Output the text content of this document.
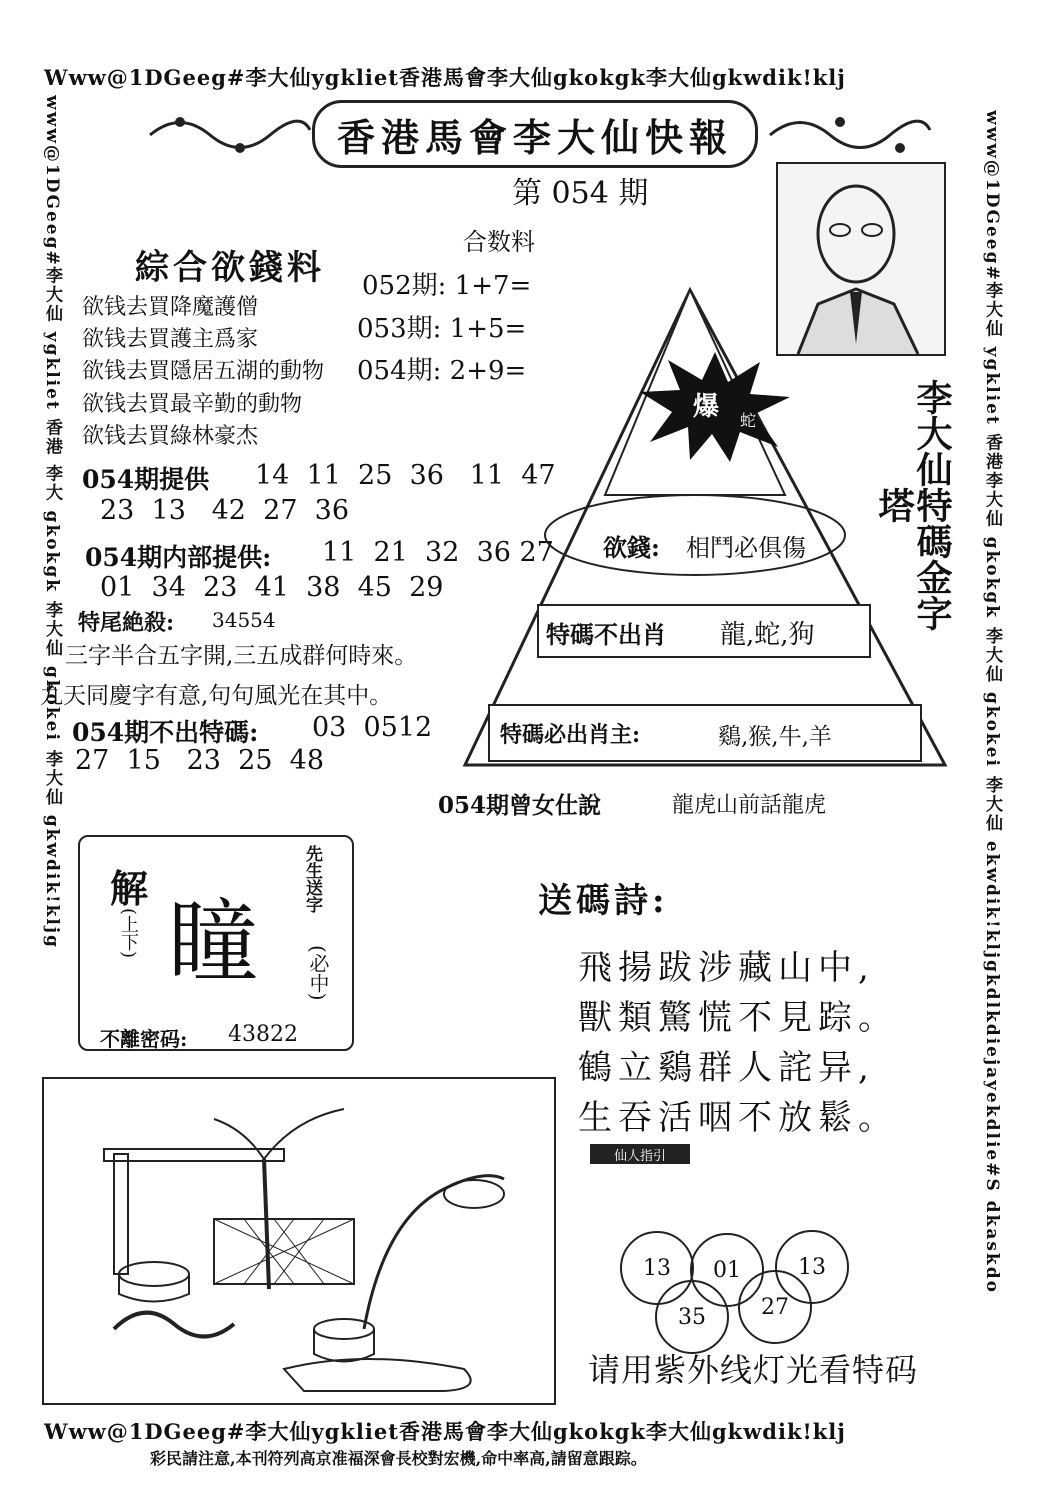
Www@1DGeeg#李大仙ygkliet香港馬會李大仙gkokgk李大仙gkwdik!klj
www@1DGeeg#李大仙 ygkliet 香港 李大 gkokgk 李大仙 gkokei 李大仙 gkwdik!kljg	www@1DGeeg#李大仙 ygkliet 香港李大仙 gkokgk 李大仙 gkokei 李大仙 ekwdik!kljgkdlkdiejayekdlie#S dkaskdo
香港馬會李大仙快報
第 054 期
合数料
052期: 1+7=
053期: 1+5=
054期: 2+9=
綜合欲錢料
欲钱去買降魔護僧
欲钱去買護主爲家
欲钱去買隱居五湖的動物
欲钱去買最辛勤的動物
欲钱去買綠林豪杰
054期提供 14  11  25  36   11  47
23  13   42  27  36
054期内部提供: 11  21  32  36 27
01  34  23  41  38  45  29
特尾絶殺: 34554
三字半合五字開,三五成群何時來。
九天同慶字有意,句句風光在其中。
054期不出特碼: 03  0512
27  15   23  25  48
爆 蛇	李大仙特碼金字塔
欲錢: 相鬥必俱傷
特碼不出肖 龍,蛇,狗
特碼必出肖主:	鷄,猴,牛,羊
054期曾女仕說	龍虎山前話龍虎
解
(上下) 瞳
先生送字
(必中)
不離密码: 43822
送碼詩:
飛揚跋涉藏山中,
獸類驚慌不見踪。
鶴立鷄群人詫异,
生吞活咽不放鬆。
仙人指引
13	01	13
35	27
请用紫外线灯光看特码
Www@1DGeeg#李大仙ygkliet香港馬會李大仙gkokgk李大仙gkwdik!klj
彩民請注意,本刊符列高京准福深會長校對宏機,命中率高,請留意跟踪。
